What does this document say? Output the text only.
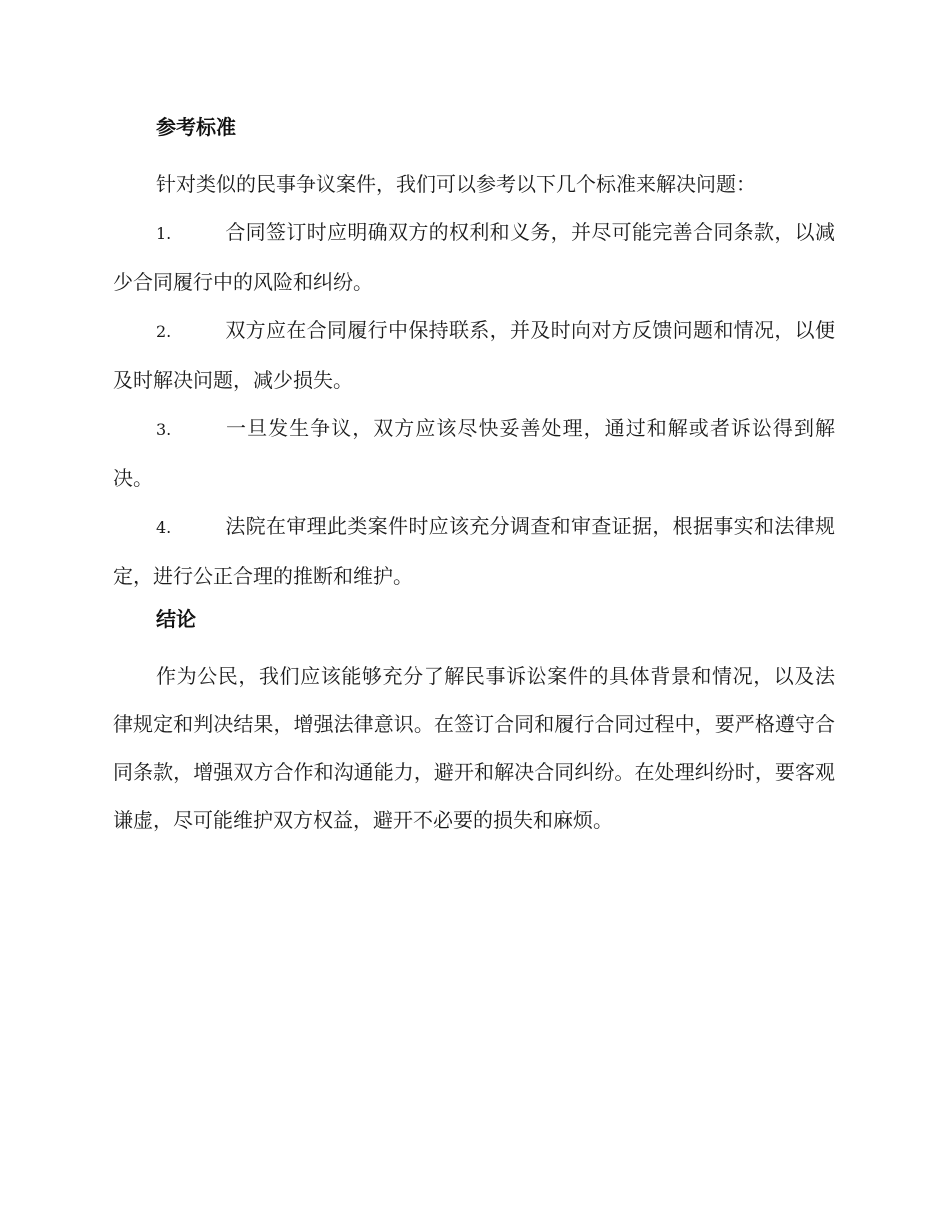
参考标准

针对类似的民事争议案件，我们可以参考以下几个标准来解决问题：

1.	合同签订时应明确双方的权利和义务，并尽可能完善合同条款，以减少合同履行中的风险和纠纷。

2.	双方应在合同履行中保持联系，并及时向对方反馈问题和情况，以便及时解决问题，减少损失。

3.	一旦发生争议，双方应该尽快妥善处理，通过和解或者诉讼得到解决。

4.	法院在审理此类案件时应该充分调查和审查证据，根据事实和法律规定，进行公正合理的推断和维护。

结论

作为公民，我们应该能够充分了解民事诉讼案件的具体背景和情况，以及法律规定和判决结果，增强法律意识。在签订合同和履行合同过程中，要严格遵守合同条款，增强双方合作和沟通能力，避开和解决合同纠纷。在处理纠纷时，要客观谦虚，尽可能维护双方权益，避开不必要的损失和麻烦。
